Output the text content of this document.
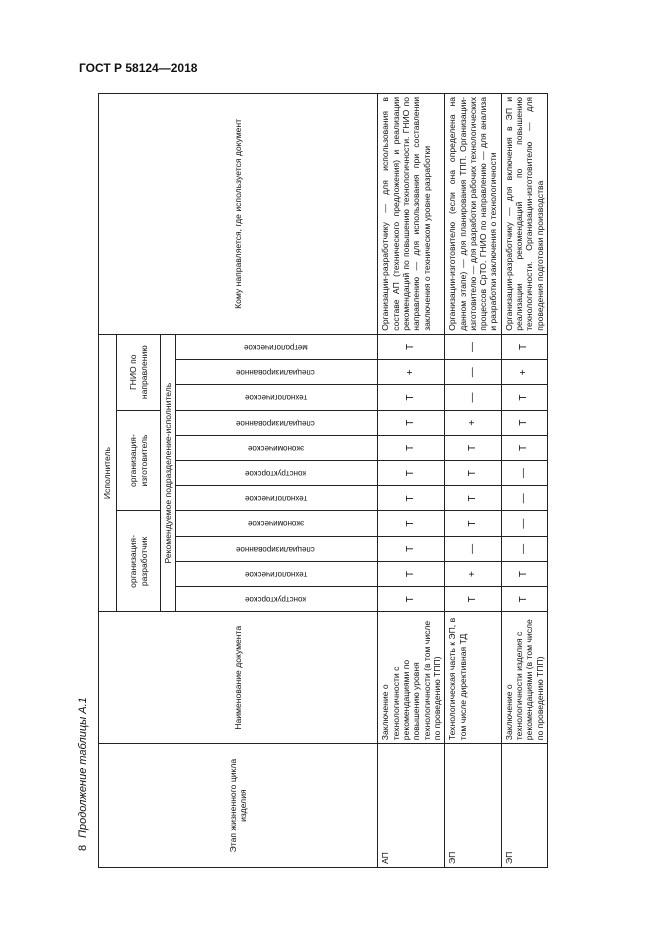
ГОСТ Р 58124—2018
8
Продолжение таблицы А.1	Этап жизненного цикла изделия	Наименование документа	Исполнитель											Кому направляется, где используется документ
		организация-разработчик				организация-изготовитель				ГНИО по направлению			
		Рекомендуемое подразделение-исполнитель											
		конструкторское	технологическое	специализированное	экономическое	технологическое	конструкторское	экономическое	специализированное	технологическое	специализированное	метрологическое	
АП	Заключение о технологичности с рекомендациями по повышению уровня технологичности (в том числе по проведению ТПП)	Т	Т	Т	Т	Т	Т	Т	Т	Т	+	Т	Организации-разработчику — для использования в составе АП (технического предложения) и реализации рекомендаций по повышению технологичности. ГНИО по направлению — для использования при составлении заключения о техническом уровне разработки
ЭП	Технологическая часть к ЭП, в том числе директивная ТД	Т	+	—	Т	Т	Т	Т	+	—	—	—	Организации-изготовителю (если она определена на данном этапе) — для планирования ТПП. Организации-изготовителю — для разработки рабочих технологических процессов СрТО. ГНИО по направлению — для анализа и разработки заключения о технологичности
ЭП	Заключение о технологичности изделия с рекомендациями (в том числе по проведению ТПП)	Т	Т	—	—	—	—	Т	Т	Т	+	Т	Организации-разработчику — для включения в ЭП и реализации рекомендаций по повышению технологичности. Организации-изготовителю — для проведения подготовки производства
